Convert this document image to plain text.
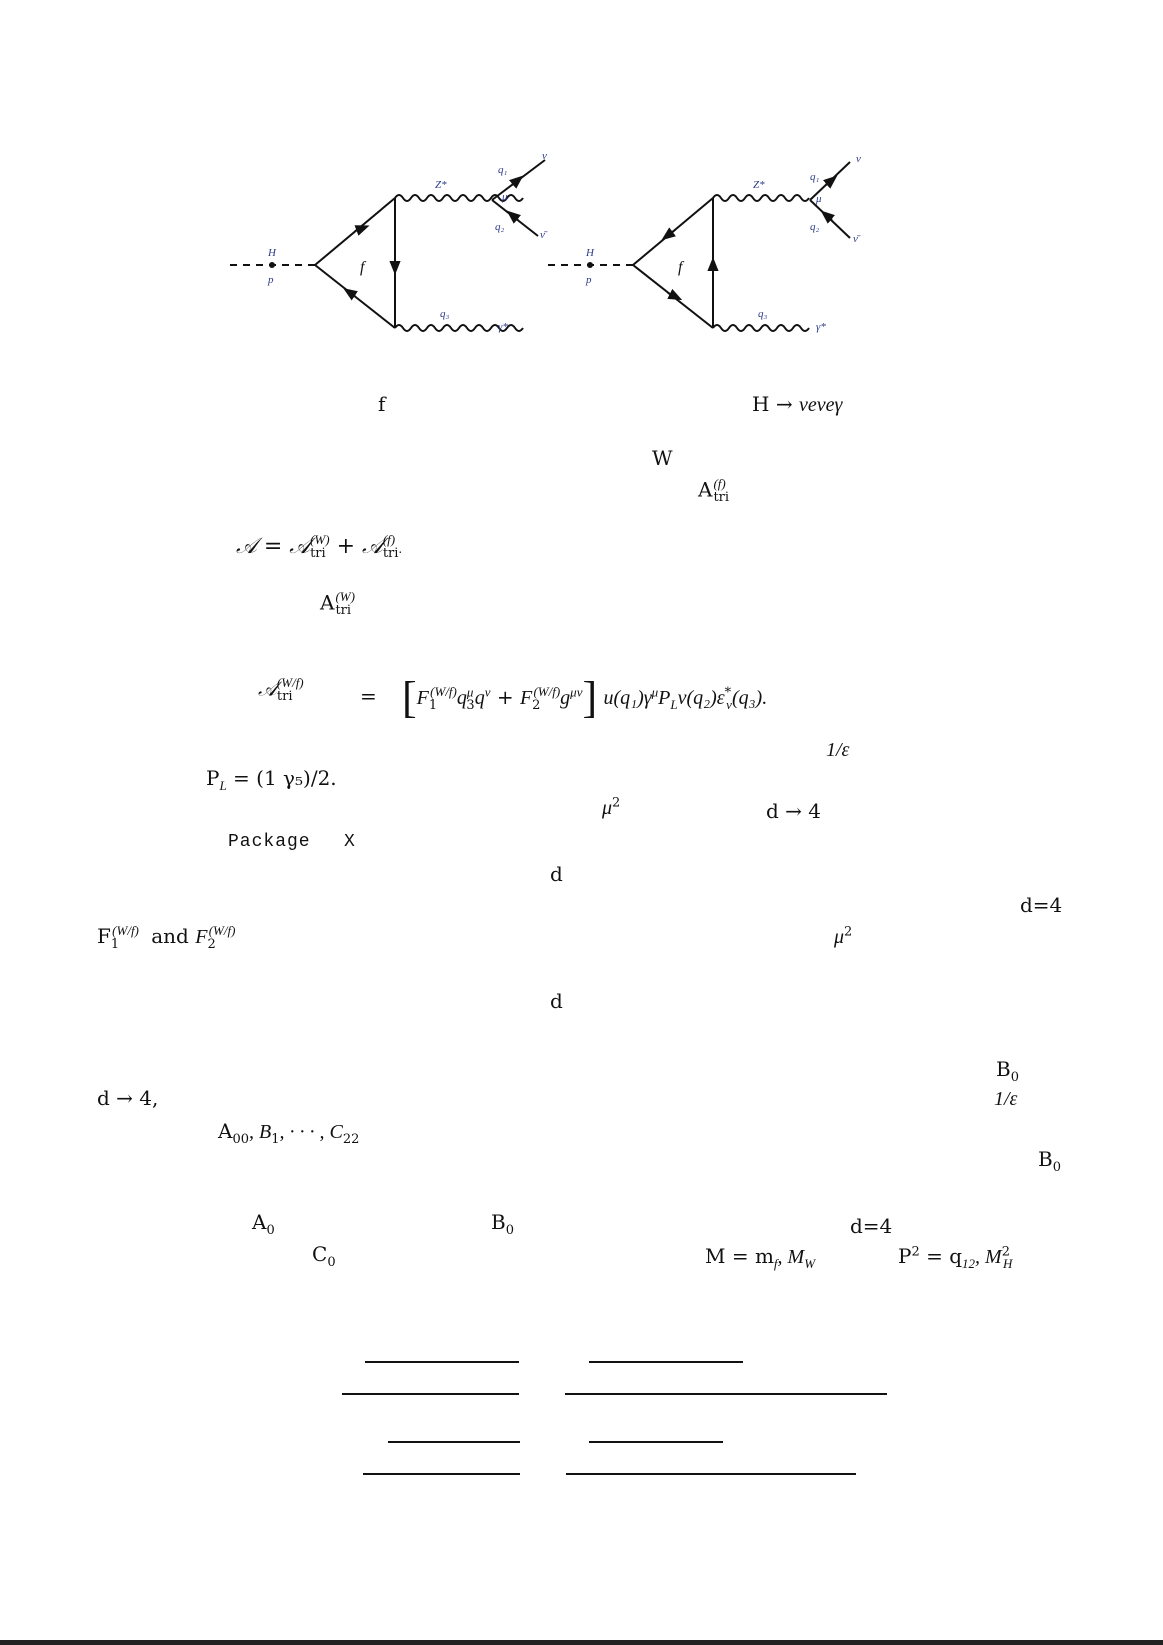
H
p
f
Z*
q₁
ν
μ
q₂
ν̄
q₃
γ*
H
p
f
Z*
q₁
ν
μ
q₂
ν̄
q₃
γ*
f	H → νeνeγ
W
A (f)
tri
𝒜 = 𝒜 (W)
tri + 𝒜 (f)
tri .
A (W)
tri
𝒜 (W/f)
tri	= $[F_1^{(W/f)}q^\mu_3q^\nu + F_2^{(W/f)}g^{\mu\nu}]$ $u(q_1)\gamma^\mu P_Lv(q_2)\varepsilon^*_\nu(q_3)$.
1/ε
$P_L = (1$ γ₅)/2.
$\mu^2$	d → 4
Package X
d
d=4
$F_1^{(W/f)}$ and $F_2^{(W/f)}$	$\mu^2$
d
$B_0$
d → 4,	1/ε
$A_{00}$, $B_1$, · · · , $C_{22}$
$B_0$
$A_0$	$B_0$	d=4
$C_0$	$M = m_f$, $M_W$	$P^2 = q_{12}$, $M^2_H$
